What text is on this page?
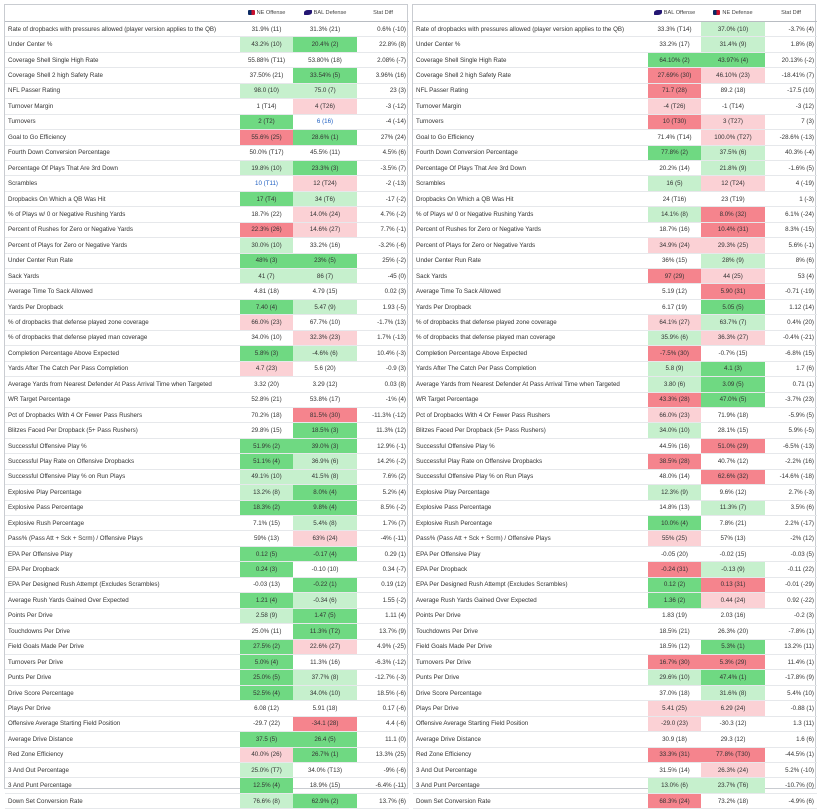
	NE Offense	BAL Defense	Stat Diff
Rate of dropbacks with pressures allowed (player version applies to the QB)	31.9% (11)	31.3% (21)	0.6% (-10)
Under Center %	43.2% (10)	20.4% (2)	22.8% (8)
Coverage Shell Single High Rate	55.88% (T11)	53.80% (18)	2.08% (-7)
Coverage Shell 2 high Safety Rate	37.50% (21)	33.54% (5)	3.96% (16)
NFL Passer Rating	98.0 (10)	75.0 (7)	23 (3)
Turnover Margin	1 (T14)	4 (T26)	-3 (-12)
Turnovers	2 (T2)	6 (16)	-4 (-14)
Goal to Go Efficiency	55.6% (25)	28.6% (1)	27% (24)
Fourth Down Conversion Percentage	50.0% (T17)	45.5% (11)	4.5% (6)
Percentage Of Plays That Are 3rd Down	19.8% (10)	23.3% (3)	-3.5% (7)
Scrambles	10 (T11)	12 (T24)	-2 (-13)
Dropbacks On Which a QB Was Hit	17 (T4)	34 (T6)	-17 (-2)
% of Plays w/ 0 or Negative Rushing Yards	18.7% (22)	14.0% (24)	4.7% (-2)
Percent of Rushes for Zero or Negative Yards	22.3% (26)	14.6% (27)	7.7% (-1)
Percent of Plays for Zero or Negative Yards	30.0% (10)	33.2% (16)	-3.2% (-6)
Under Center Run Rate	48% (3)	23% (5)	25% (-2)
Sack Yards	41 (7)	86 (7)	-45 (0)
Average Time To Sack Allowed	4.81 (18)	4.79 (15)	0.02 (3)
Yards Per Dropback	7.40 (4)	5.47 (9)	1.93 (-5)
% of dropbacks that defense played zone coverage	66.0% (23)	67.7% (10)	-1.7% (13)
% of dropbacks that defense played man coverage	34.0% (10)	32.3% (23)	1.7% (-13)
Completion Percentage Above Expected	5.8% (3)	-4.6% (6)	10.4% (-3)
Yards After The Catch Per Pass Completion	4.7 (23)	5.6 (20)	-0.9 (3)
Average Yards from Nearest Defender At Pass Arrival Time when Targeted	3.32 (20)	3.29 (12)	0.03 (8)
WR Target Percentage	52.8% (21)	53.8% (17)	-1% (4)
Pct of Dropbacks With 4 Or Fewer Pass Rushers	70.2% (18)	81.5% (30)	-11.3% (-12)
Blitzes Faced Per Dropback (5+ Pass Rushers)	29.8% (15)	18.5% (3)	11.3% (12)
Successful Offensive Play %	51.9% (2)	39.0% (3)	12.9% (-1)
Successful Play Rate on Offensive Dropbacks	51.1% (4)	36.9% (6)	14.2% (-2)
Successful Offensive Play % on Run Plays	49.1% (10)	41.5% (8)	7.6% (2)
Explosive Play Percentage	13.2% (8)	8.0% (4)	5.2% (4)
Explosive Pass Percentage	18.3% (2)	9.8% (4)	8.5% (-2)
Explosive Rush Percentage	7.1% (15)	5.4% (8)	1.7% (7)
Pass% (Pass Att + Sck + Scrm) / Offensive Plays	59% (13)	63% (24)	-4% (-11)
EPA Per Offensive Play	0.12 (5)	-0.17 (4)	0.29 (1)
EPA Per Dropback	0.24 (3)	-0.10 (10)	0.34 (-7)
EPA Per Designed Rush Attempt (Excludes Scrambles)	-0.03 (13)	-0.22 (1)	0.19 (12)
Average Rush Yards Gained Over Expected	1.21 (4)	-0.34 (6)	1.55 (-2)
Points Per Drive	2.58 (9)	1.47 (5)	1.11 (4)
Touchdowns Per Drive	25.0% (11)	11.3% (T2)	13.7% (9)
Field Goals Made Per Drive	27.5% (2)	22.6% (27)	4.9% (-25)
Turnovers Per Drive	5.0% (4)	11.3% (16)	-6.3% (-12)
Punts Per Drive	25.0% (5)	37.7% (8)	-12.7% (-3)
Drive Score Percentage	52.5% (4)	34.0% (10)	18.5% (-6)
Plays Per Drive	6.08 (12)	5.91 (18)	0.17 (-6)
Offensive Average Starting Field Position	-29.7 (22)	-34.1 (28)	4.4 (-6)
Average Drive Distance	37.5 (5)	26.4 (5)	11.1 (0)
Red Zone Efficiency	40.0% (26)	26.7% (1)	13.3% (25)
3 And Out Percentage	25.0% (T7)	34.0% (T13)	-9% (-6)
3 And Punt Percentage	12.5% (4)	18.9% (15)	-6.4% (-11)
Down Set Conversion Rate	76.6% (8)	62.9% (2)	13.7% (6)
	BAL Offense	NE Defense	Stat Diff
Rate of dropbacks with pressures allowed (player version applies to the QB)	33.3% (T14)	37.0% (10)	-3.7% (4)
Under Center %	33.2% (17)	31.4% (9)	1.8% (8)
Coverage Shell Single High Rate	64.10% (2)	43.97% (4)	20.13% (-2)
Coverage Shell 2 high Safety Rate	27.69% (30)	46.10% (23)	-18.41% (7)
NFL Passer Rating	71.7 (28)	89.2 (18)	-17.5 (10)
Turnover Margin	-4 (T26)	-1 (T14)	-3 (12)
Turnovers	10 (T30)	3 (T27)	7 (3)
Goal to Go Efficiency	71.4% (T14)	100.0% (T27)	-28.6% (-13)
Fourth Down Conversion Percentage	77.8% (2)	37.5% (6)	40.3% (-4)
Percentage Of Plays That Are 3rd Down	20.2% (14)	21.8% (9)	-1.6% (5)
Scrambles	16 (5)	12 (T24)	4 (-19)
Dropbacks On Which a QB Was Hit	24 (T16)	23 (T19)	1 (-3)
% of Plays w/ 0 or Negative Rushing Yards	14.1% (8)	8.0% (32)	6.1% (-24)
Percent of Rushes for Zero or Negative Yards	18.7% (16)	10.4% (31)	8.3% (-15)
Percent of Plays for Zero or Negative Yards	34.9% (24)	29.3% (25)	5.6% (-1)
Under Center Run Rate	36% (15)	28% (9)	8% (6)
Sack Yards	97 (29)	44 (25)	53 (4)
Average Time To Sack Allowed	5.19 (12)	5.90 (31)	-0.71 (-19)
Yards Per Dropback	6.17 (19)	5.05 (5)	1.12 (14)
% of dropbacks that defense played zone coverage	64.1% (27)	63.7% (7)	0.4% (20)
% of dropbacks that defense played man coverage	35.9% (6)	36.3% (27)	-0.4% (-21)
Completion Percentage Above Expected	-7.5% (30)	-0.7% (15)	-6.8% (15)
Yards After The Catch Per Pass Completion	5.8 (9)	4.1 (3)	1.7 (6)
Average Yards from Nearest Defender At Pass Arrival Time when Targeted	3.80 (6)	3.09 (5)	0.71 (1)
WR Target Percentage	43.3% (28)	47.0% (5)	-3.7% (23)
Pct of Dropbacks With 4 Or Fewer Pass Rushers	66.0% (23)	71.9% (18)	-5.9% (5)
Blitzes Faced Per Dropback (5+ Pass Rushers)	34.0% (10)	28.1% (15)	5.9% (-5)
Successful Offensive Play %	44.5% (16)	51.0% (29)	-6.5% (-13)
Successful Play Rate on Offensive Dropbacks	38.5% (28)	40.7% (12)	-2.2% (16)
Successful Offensive Play % on Run Plays	48.0% (14)	62.6% (32)	-14.6% (-18)
Explosive Play Percentage	12.3% (9)	9.6% (12)	2.7% (-3)
Explosive Pass Percentage	14.8% (13)	11.3% (7)	3.5% (6)
Explosive Rush Percentage	10.0% (4)	7.8% (21)	2.2% (-17)
Pass% (Pass Att + Sck + Scrm) / Offensive Plays	55% (25)	57% (13)	-2% (12)
EPA Per Offensive Play	-0.05 (20)	-0.02 (15)	-0.03 (5)
EPA Per Dropback	-0.24 (31)	-0.13 (9)	-0.11 (22)
EPA Per Designed Rush Attempt (Excludes Scrambles)	0.12 (2)	0.13 (31)	-0.01 (-29)
Average Rush Yards Gained Over Expected	1.36 (2)	0.44 (24)	0.92 (-22)
Points Per Drive	1.83 (19)	2.03 (16)	-0.2 (3)
Touchdowns Per Drive	18.5% (21)	26.3% (20)	-7.8% (1)
Field Goals Made Per Drive	18.5% (12)	5.3% (1)	13.2% (11)
Turnovers Per Drive	16.7% (30)	5.3% (29)	11.4% (1)
Punts Per Drive	29.6% (10)	47.4% (1)	-17.8% (9)
Drive Score Percentage	37.0% (18)	31.6% (8)	5.4% (10)
Plays Per Drive	5.41 (25)	6.29 (24)	-0.88 (1)
Offensive Average Starting Field Position	-29.0 (23)	-30.3 (12)	1.3 (11)
Average Drive Distance	30.9 (18)	29.3 (12)	1.6 (6)
Red Zone Efficiency	33.3% (31)	77.8% (T30)	-44.5% (1)
3 And Out Percentage	31.5% (14)	26.3% (24)	5.2% (-10)
3 And Punt Percentage	13.0% (6)	23.7% (T6)	-10.7% (0)
Down Set Conversion Rate	68.3% (24)	73.2% (18)	-4.9% (6)
